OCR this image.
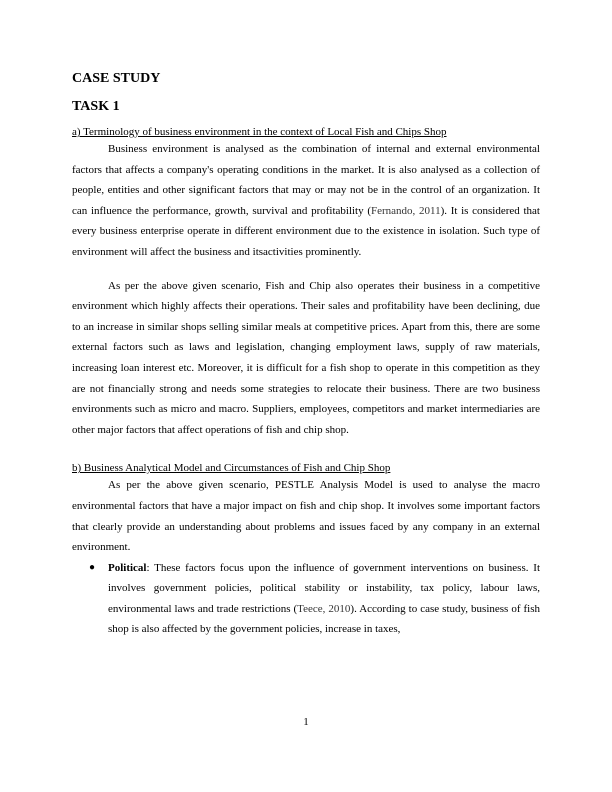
CASE STUDY
TASK 1
a) Terminology of business environment in the context of Local Fish and Chips Shop

Business environment is analysed as the combination of internal and external environmental factors that affects a company's operating conditions in the market. It is also analysed as a collection of people, entities and other significant factors that may or may not be in the control of an organization. It can influence the performance, growth, survival and profitability (Fernando, 2011). It is considered that every business enterprise operate in different environment due to the existence in isolation. Such type of environment will affect the business and itsactivities prominently.

As per the above given scenario, Fish and Chip also operates their business in a competitive environment which highly affects their operations. Their sales and profitability have been declining, due to an increase in similar shops selling similar meals at competitive prices. Apart from this, there are some external factors such as laws and legislation, changing employment laws, supply of raw materials, increasing loan interest etc. Moreover, it is difficult for a fish shop to operate in this competition as they are not financially strong and needs some strategies to relocate their business. There are two business environments such as micro and macro. Suppliers, employees, competitors and market intermediaries are other major factors that affect operations of fish and chip shop.

b) Business Analytical Model and Circumstances of Fish and Chip Shop

As per the above given scenario, PESTLE Analysis Model is used to analyse the macro environmental factors that have a major impact on fish and chip shop. It involves some important factors that clearly provide an understanding about problems and issues faced by any company in an external environment.

● Political: These factors focus upon the influence of government interventions on business. It involves government policies, political stability or instability, tax policy, labour laws, environmental laws and trade restrictions (Teece, 2010). According to case study, business of fish shop is also affected by the government policies, increase in taxes,
1
